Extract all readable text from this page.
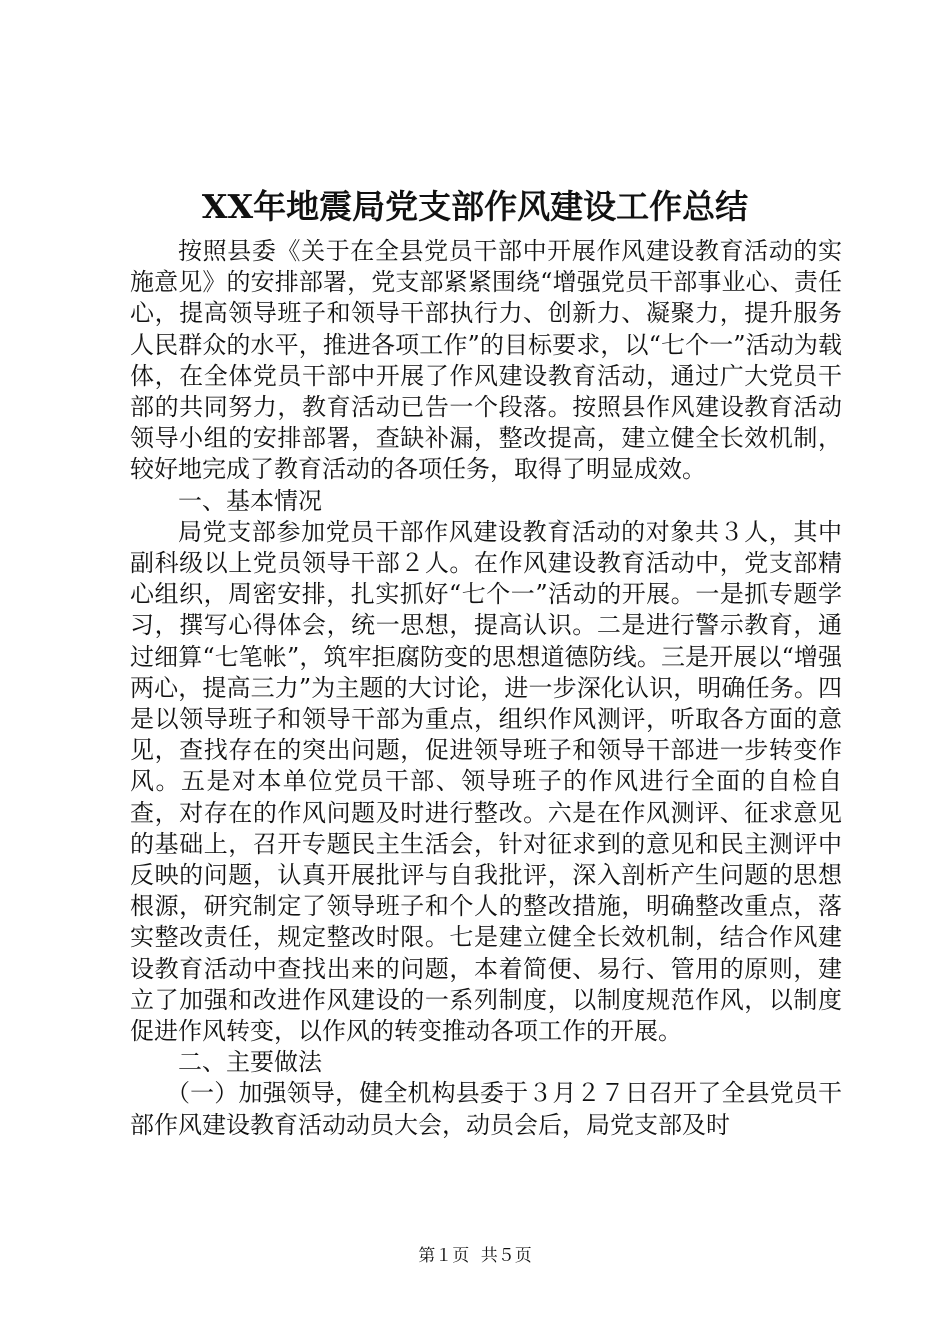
XX年地震局党支部作风建设工作总结

按照县委《关于在全县党员干部中开展作风建设教育活动的实施意见》的安排部署，党支部紧紧围绕“增强党员干部事业心、责任心，提高领导班子和领导干部执行力、创新力、凝聚力，提升服务人民群众的水平，推进各项工作”的目标要求，以“七个一”活动为载体，在全体党员干部中开展了作风建设教育活动，通过广大党员干部的共同努力，教育活动已告一个段落。按照县作风建设教育活动领导小组的安排部署，查缺补漏，整改提高，建立健全长效机制，较好地完成了教育活动的各项任务，取得了明显成效。

一、基本情况

局党支部参加党员干部作风建设教育活动的对象共３人，其中副科级以上党员领导干部２人。在作风建设教育活动中，党支部精心组织，周密安排，扎实抓好“七个一”活动的开展。一是抓专题学习，撰写心得体会，统一思想，提高认识。二是进行警示教育，通过细算“七笔帐”，筑牢拒腐防变的思想道德防线。三是开展以“增强两心，提高三力”为主题的大讨论，进一步深化认识，明确任务。四是以领导班子和领导干部为重点，组织作风测评，听取各方面的意见，查找存在的突出问题，促进领导班子和领导干部进一步转变作风。五是对本单位党员干部、领导班子的作风进行全面的自检自查，对存在的作风问题及时进行整改。六是在作风测评、征求意见的基础上，召开专题民主生活会，针对征求到的意见和民主测评中反映的问题，认真开展批评与自我批评，深入剖析产生问题的思想根源，研究制定了领导班子和个人的整改措施，明确整改重点，落实整改责任，规定整改时限。七是建立健全长效机制，结合作风建设教育活动中查找出来的问题，本着简便、易行、管用的原则，建立了加强和改进作风建设的一系列制度，以制度规范作风，以制度促进作风转变，以作风的转变推动各项工作的开展。

二、主要做法

（一）加强领导，健全机构县委于３月２７日召开了全县党员干部作风建设教育活动动员大会，动员会后，局党支部及时

第１页 共５页
